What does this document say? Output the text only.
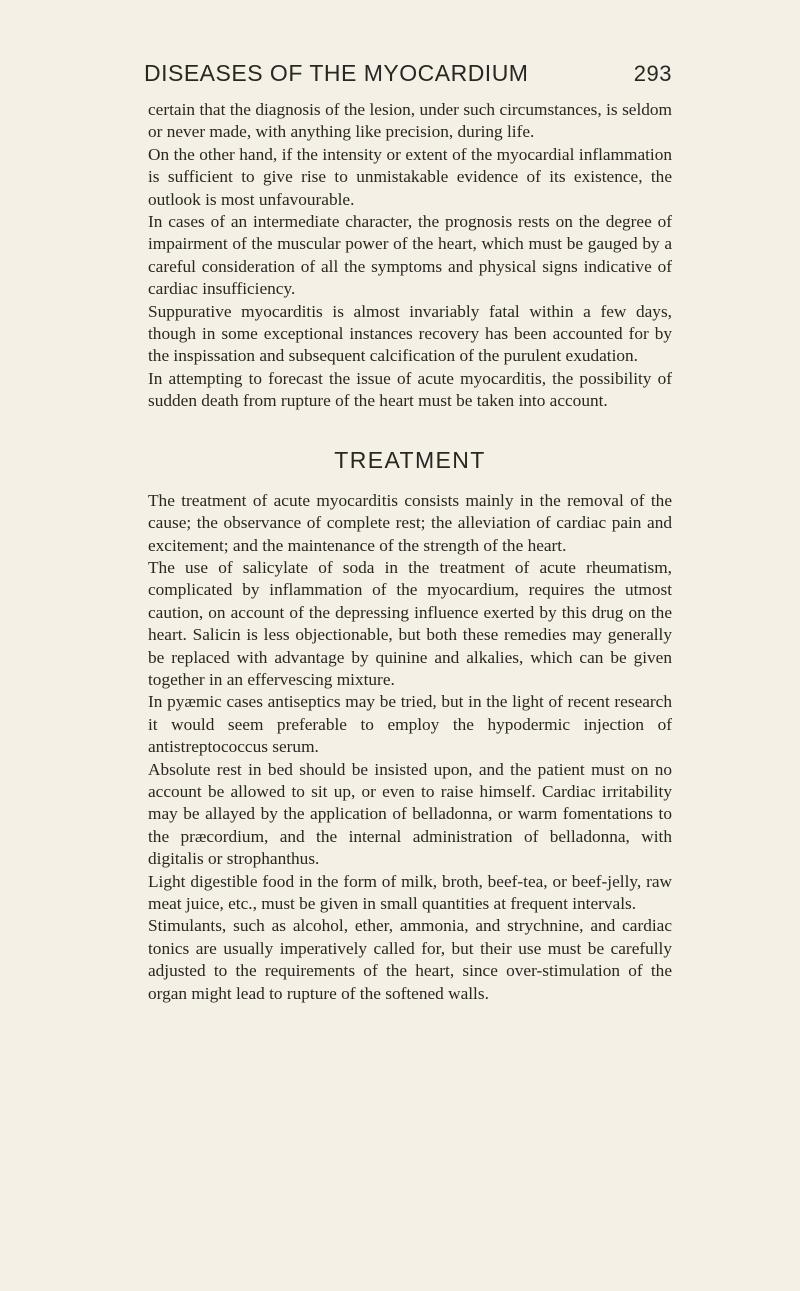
DISEASES OF THE MYOCARDIUM	293

certain that the diagnosis of the lesion, under such circumstances, is seldom or never made, with anything like precision, during life.

On the other hand, if the intensity or extent of the myocardial inflammation is sufficient to give rise to unmistakable evidence of its existence, the outlook is most unfavourable.

In cases of an intermediate character, the prognosis rests on the degree of impairment of the muscular power of the heart, which must be gauged by a careful consideration of all the symptoms and physical signs indicative of cardiac insufficiency.

Suppurative myocarditis is almost invariably fatal within a few days, though in some exceptional instances recovery has been accounted for by the inspissation and subsequent calcification of the purulent exudation.

In attempting to forecast the issue of acute myocarditis, the possibility of sudden death from rupture of the heart must be taken into account.

TREATMENT

The treatment of acute myocarditis consists mainly in the removal of the cause; the observance of complete rest; the alleviation of cardiac pain and excitement; and the maintenance of the strength of the heart.

The use of salicylate of soda in the treatment of acute rheumatism, complicated by inflammation of the myocardium, requires the utmost caution, on account of the depressing influence exerted by this drug on the heart. Salicin is less objectionable, but both these remedies may generally be replaced with advantage by quinine and alkalies, which can be given together in an effervescing mixture.

In pyæmic cases antiseptics may be tried, but in the light of recent research it would seem preferable to employ the hypodermic injection of antistreptococcus serum.

Absolute rest in bed should be insisted upon, and the patient must on no account be allowed to sit up, or even to raise himself. Cardiac irritability may be allayed by the application of belladonna, or warm fomentations to the præcordium, and the internal administration of belladonna, with digitalis or strophanthus.

Light digestible food in the form of milk, broth, beef-tea, or beef-jelly, raw meat juice, etc., must be given in small quantities at frequent intervals.

Stimulants, such as alcohol, ether, ammonia, and strychnine, and cardiac tonics are usually imperatively called for, but their use must be carefully adjusted to the requirements of the heart, since over-stimulation of the organ might lead to rupture of the softened walls.
